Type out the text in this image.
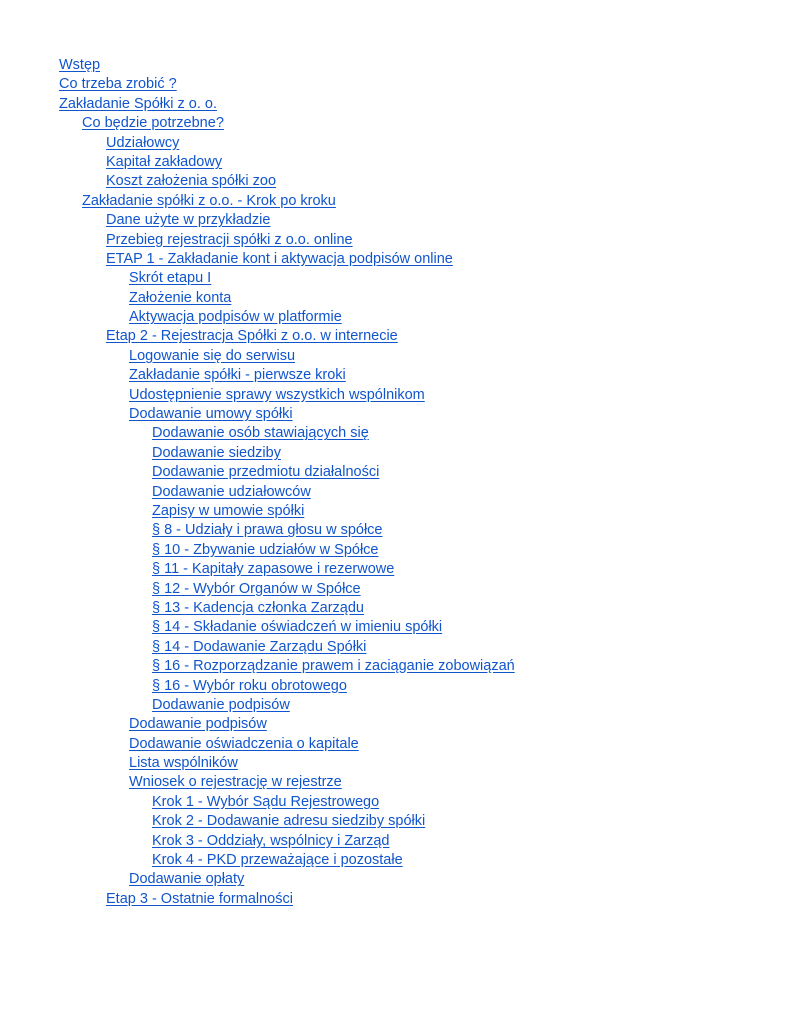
Wstęp
Co trzeba zrobić ?
Zakładanie Spółki z o. o.
Co będzie potrzebne?
Udziałowcy
Kapitał zakładowy
Koszt założenia spółki zoo
Zakładanie spółki z o.o. - Krok po kroku
Dane użyte w przykładzie
Przebieg rejestracji spółki z o.o. online
ETAP 1 - Zakładanie kont i aktywacja podpisów online
Skrót etapu I
Założenie konta
Aktywacja podpisów w platformie
Etap 2 - Rejestracja Spółki z o.o. w internecie
Logowanie się do serwisu
Zakładanie spółki - pierwsze kroki
Udostępnienie sprawy wszystkich wspólnikom
Dodawanie umowy spółki
Dodawanie osób stawiających się
Dodawanie siedziby
Dodawanie przedmiotu działalności
Dodawanie udziałowców
Zapisy w umowie spółki
§ 8 - Udziały i prawa głosu w spółce
§ 10 - Zbywanie udziałów w Spółce
§ 11 - Kapitały zapasowe i rezerwowe
§ 12 - Wybór Organów w Spółce
§ 13 - Kadencja członka Zarządu
§ 14 - Składanie oświadczeń w imieniu spółki
§ 14 - Dodawanie Zarządu Spółki
§ 16 - Rozporządzanie prawem i zaciąganie zobowiązań
§ 16 - Wybór roku obrotowego
Dodawanie podpisów
Dodawanie podpisów
Dodawanie oświadczenia o kapitale
Lista wspólników
Wniosek o rejestrację w rejestrze
Krok 1 - Wybór Sądu Rejestrowego
Krok 2 - Dodawanie adresu siedziby spółki
Krok 3 - Oddziały, wspólnicy i Zarząd
Krok 4 - PKD przeważające i pozostałe
Dodawanie opłaty
Etap 3 - Ostatnie formalności
